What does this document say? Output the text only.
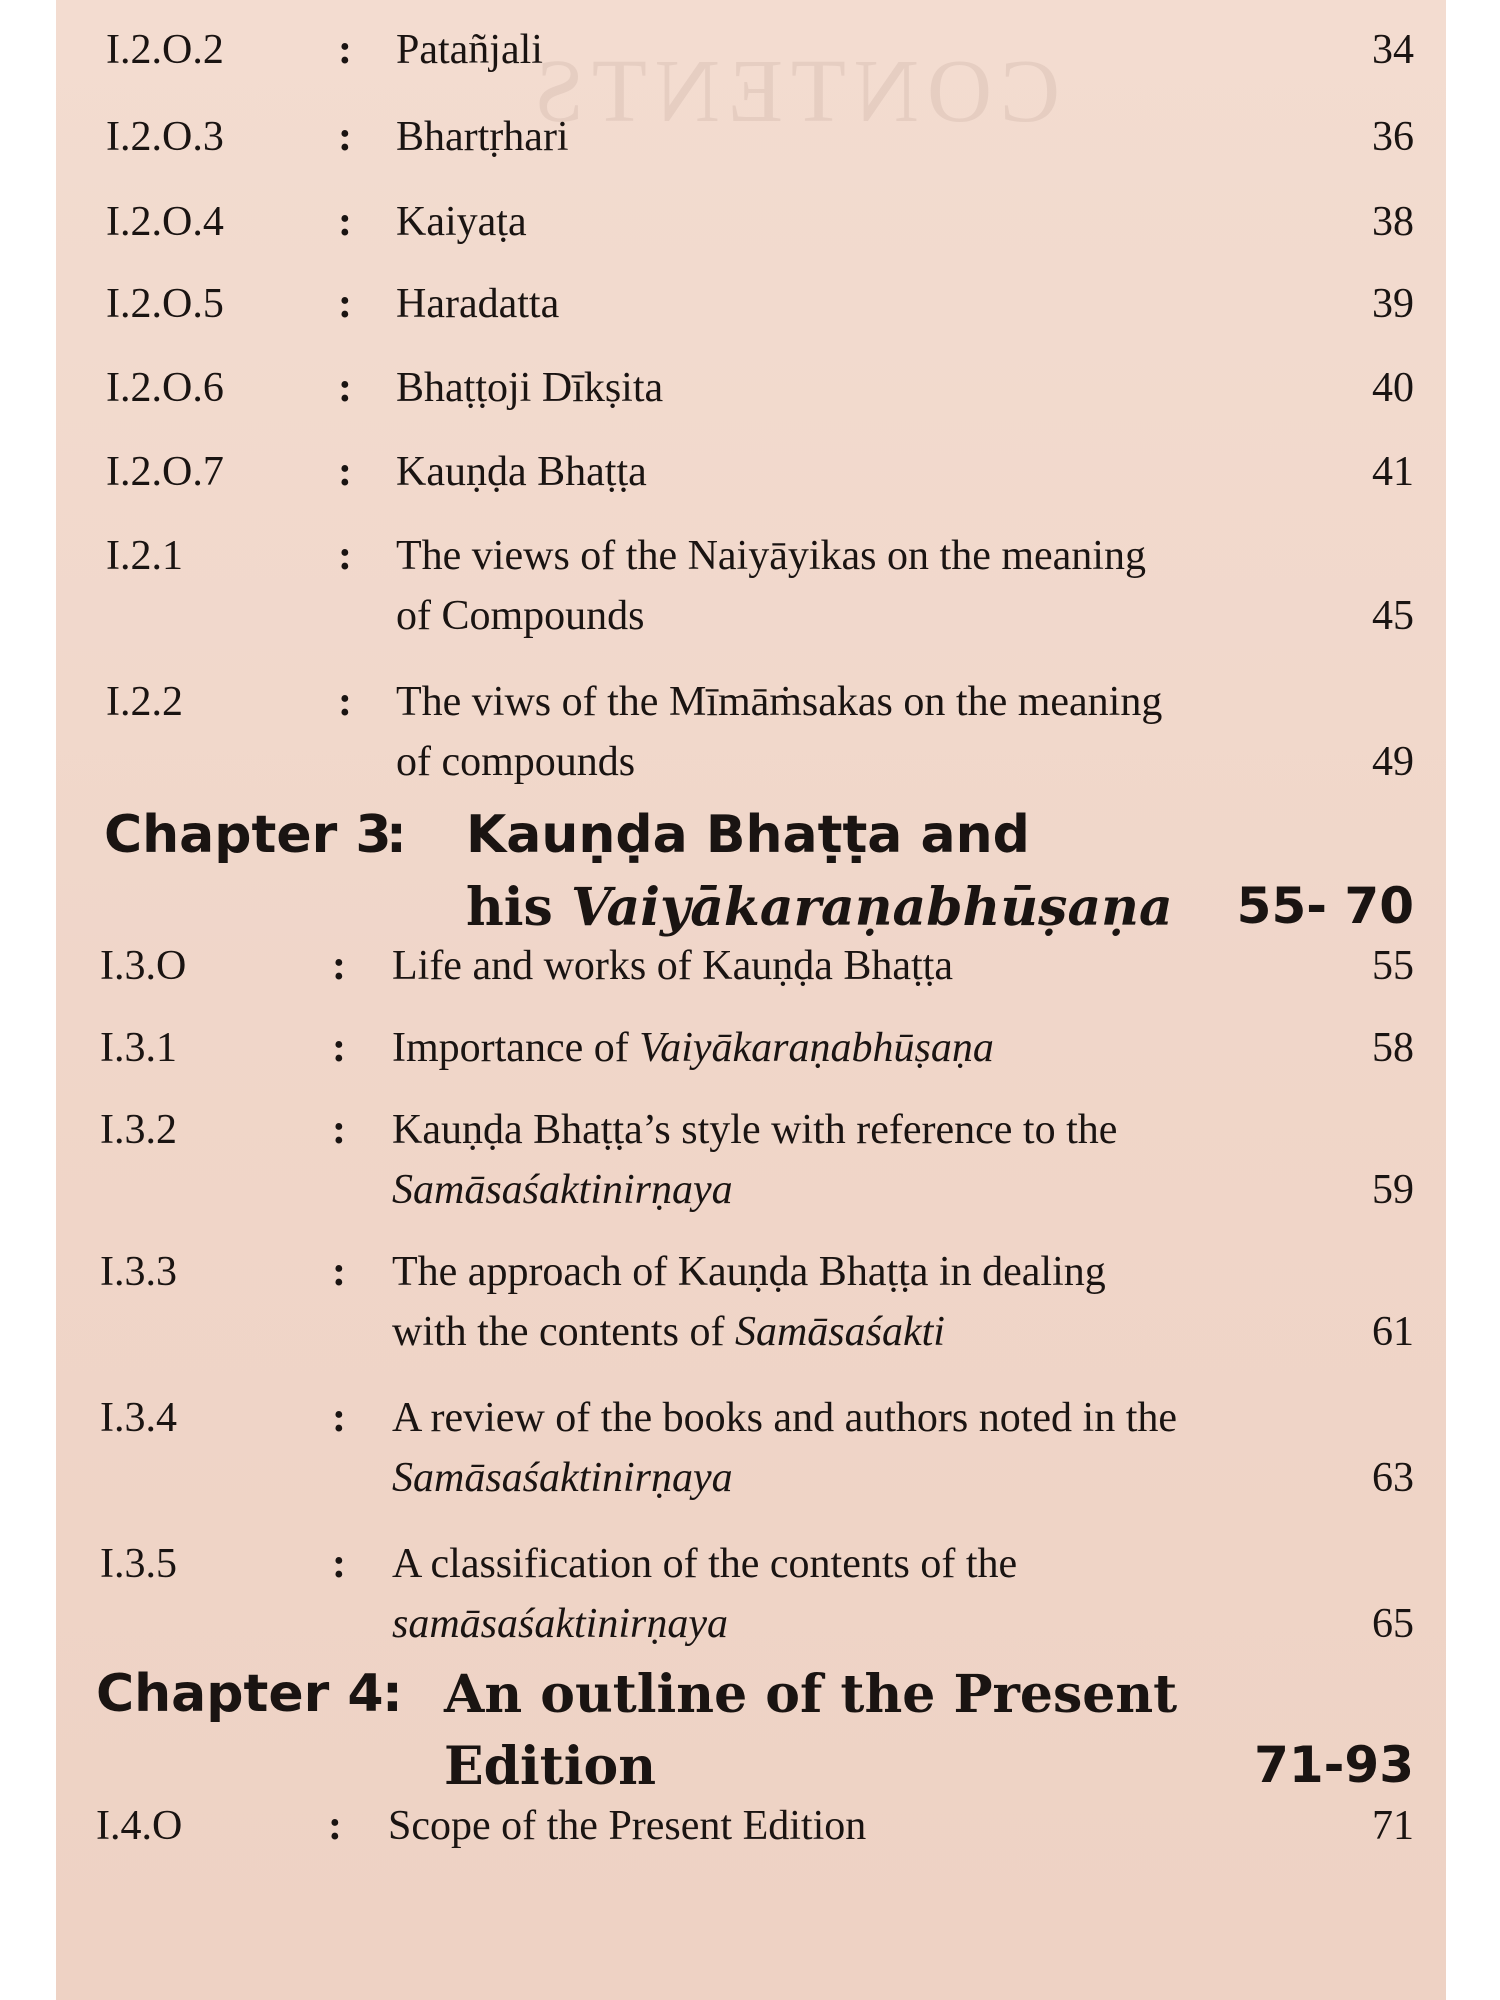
CONTENTS
I.2.O.2	: Patañjali	34
I.2.O.3	: Bhartṛhari	36
I.2.O.4	: Kaiyaṭa	38
I.2.O.5	: Haradatta	39
I.2.O.6	: Bhaṭṭoji Dīkṣita	40
I.2.O.7	: Kauṇḍa Bhaṭṭa	41
I.2.1	: The views of the Naiyāyikas on the meaning
of Compounds	45
I.2.2	: The viws of the Mīmāṁsakas on the meaning
of compounds	49
Chapter 3
: Kauṇḍa Bhaṭṭa and
his Vaiyākaraṇabhūṣaṇa 55- 70
I.3.O	: Life and works of Kauṇḍa Bhaṭṭa	55
I.3.1	: Importance of Vaiyākaraṇabhūṣaṇa	58
I.3.2	: Kauṇḍa Bhaṭṭa’s style with reference to the
Samāsaśaktinirṇaya	59
I.3.3	: The approach of Kauṇḍa Bhaṭṭa in dealing
with the contents of Samāsaśakti	61
I.3.4	: A review of the books and authors noted in the
Samāsaśaktinirṇaya	63
I.3.5	: A classification of the contents of the
samāsaśaktinirṇaya	65
Chapter 4
: An outline of the Present
Edition	71-93
I.4.O	: Scope of the Present Edition	71
